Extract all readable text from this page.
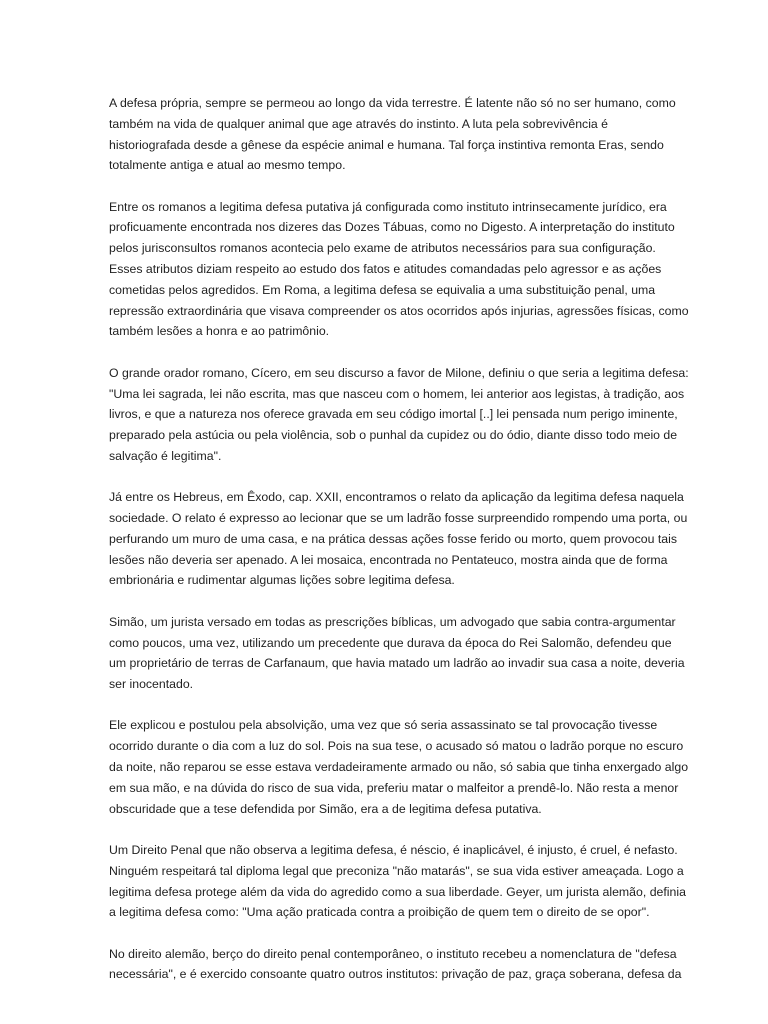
A defesa própria, sempre se permeou ao longo da vida terrestre. É latente não só no ser humano, como
também na vida de qualquer animal que age através do instinto. A luta pela sobrevivência é
historiografada desde a gênese da espécie animal e humana. Tal força instintiva remonta Eras, sendo
totalmente antiga e atual ao mesmo tempo.

Entre os romanos a legitima defesa putativa já configurada como instituto intrinsecamente jurídico, era
proficuamente encontrada nos dizeres das Dozes Tábuas, como no Digesto. A interpretação do instituto
pelos jurisconsultos romanos acontecia pelo exame de atributos necessários para sua configuração.
Esses atributos diziam respeito ao estudo dos fatos e atitudes comandadas pelo agressor e as ações
cometidas pelos agredidos. Em Roma, a legitima defesa se equivalia a uma substituição penal, uma
repressão extraordinária que visava compreender os atos ocorridos após injurias, agressões físicas, como
também lesões a honra e ao patrimônio.

O grande orador romano, Cícero, em seu discurso a favor de Milone, definiu o que seria a legitima defesa:
"Uma lei sagrada, lei não escrita, mas que nasceu com o homem, lei anterior aos legistas, à tradição, aos
livros, e que a natureza nos oferece gravada em seu código imortal [..] lei pensada num perigo iminente,
preparado pela astúcia ou pela violência, sob o punhal da cupidez ou do ódio, diante disso todo meio de
salvação é legitima".

Já entre os Hebreus, em Êxodo, cap. XXII, encontramos o relato da aplicação da legitima defesa naquela
sociedade. O relato é expresso ao lecionar que se um ladrão fosse surpreendido rompendo uma porta, ou
perfurando um muro de uma casa, e na prática dessas ações fosse ferido ou morto, quem provocou tais
lesões não deveria ser apenado. A lei mosaica, encontrada no Pentateuco, mostra ainda que de forma
embrionária e rudimentar algumas lições sobre legitima defesa.

Simão, um jurista versado em todas as prescrições bíblicas, um advogado que sabia contra-argumentar
como poucos, uma vez, utilizando um precedente que durava da época do Rei Salomão, defendeu que
um proprietário de terras de Carfanaum, que havia matado um ladrão ao invadir sua casa a noite, deveria
ser inocentado.

Ele explicou e postulou pela absolvição, uma vez que só seria assassinato se tal provocação tivesse
ocorrido durante o dia com a luz do sol. Pois na sua tese, o acusado só matou o ladrão porque no escuro
da noite, não reparou se esse estava verdadeiramente armado ou não, só sabia que tinha enxergado algo
em sua mão, e na dúvida do risco de sua vida, preferiu matar o malfeitor a prendê-lo. Não resta a menor
obscuridade que a tese defendida por Simão, era a de legitima defesa putativa.

Um Direito Penal que não observa a legitima defesa, é néscio, é inaplicável, é injusto, é cruel, é nefasto.
Ninguém respeitará tal diploma legal que preconiza "não matarás", se sua vida estiver ameaçada. Logo a
legitima defesa protege além da vida do agredido como a sua liberdade. Geyer, um jurista alemão, definia
a legitima defesa como: "Uma ação praticada contra a proibição de quem tem o direito de se opor".

No direito alemão, berço do direito penal contemporâneo, o instituto recebeu a nomenclatura de "defesa
necessária", e é exercido consoante quatro outros institutos: privação de paz, graça soberana, defesa da
